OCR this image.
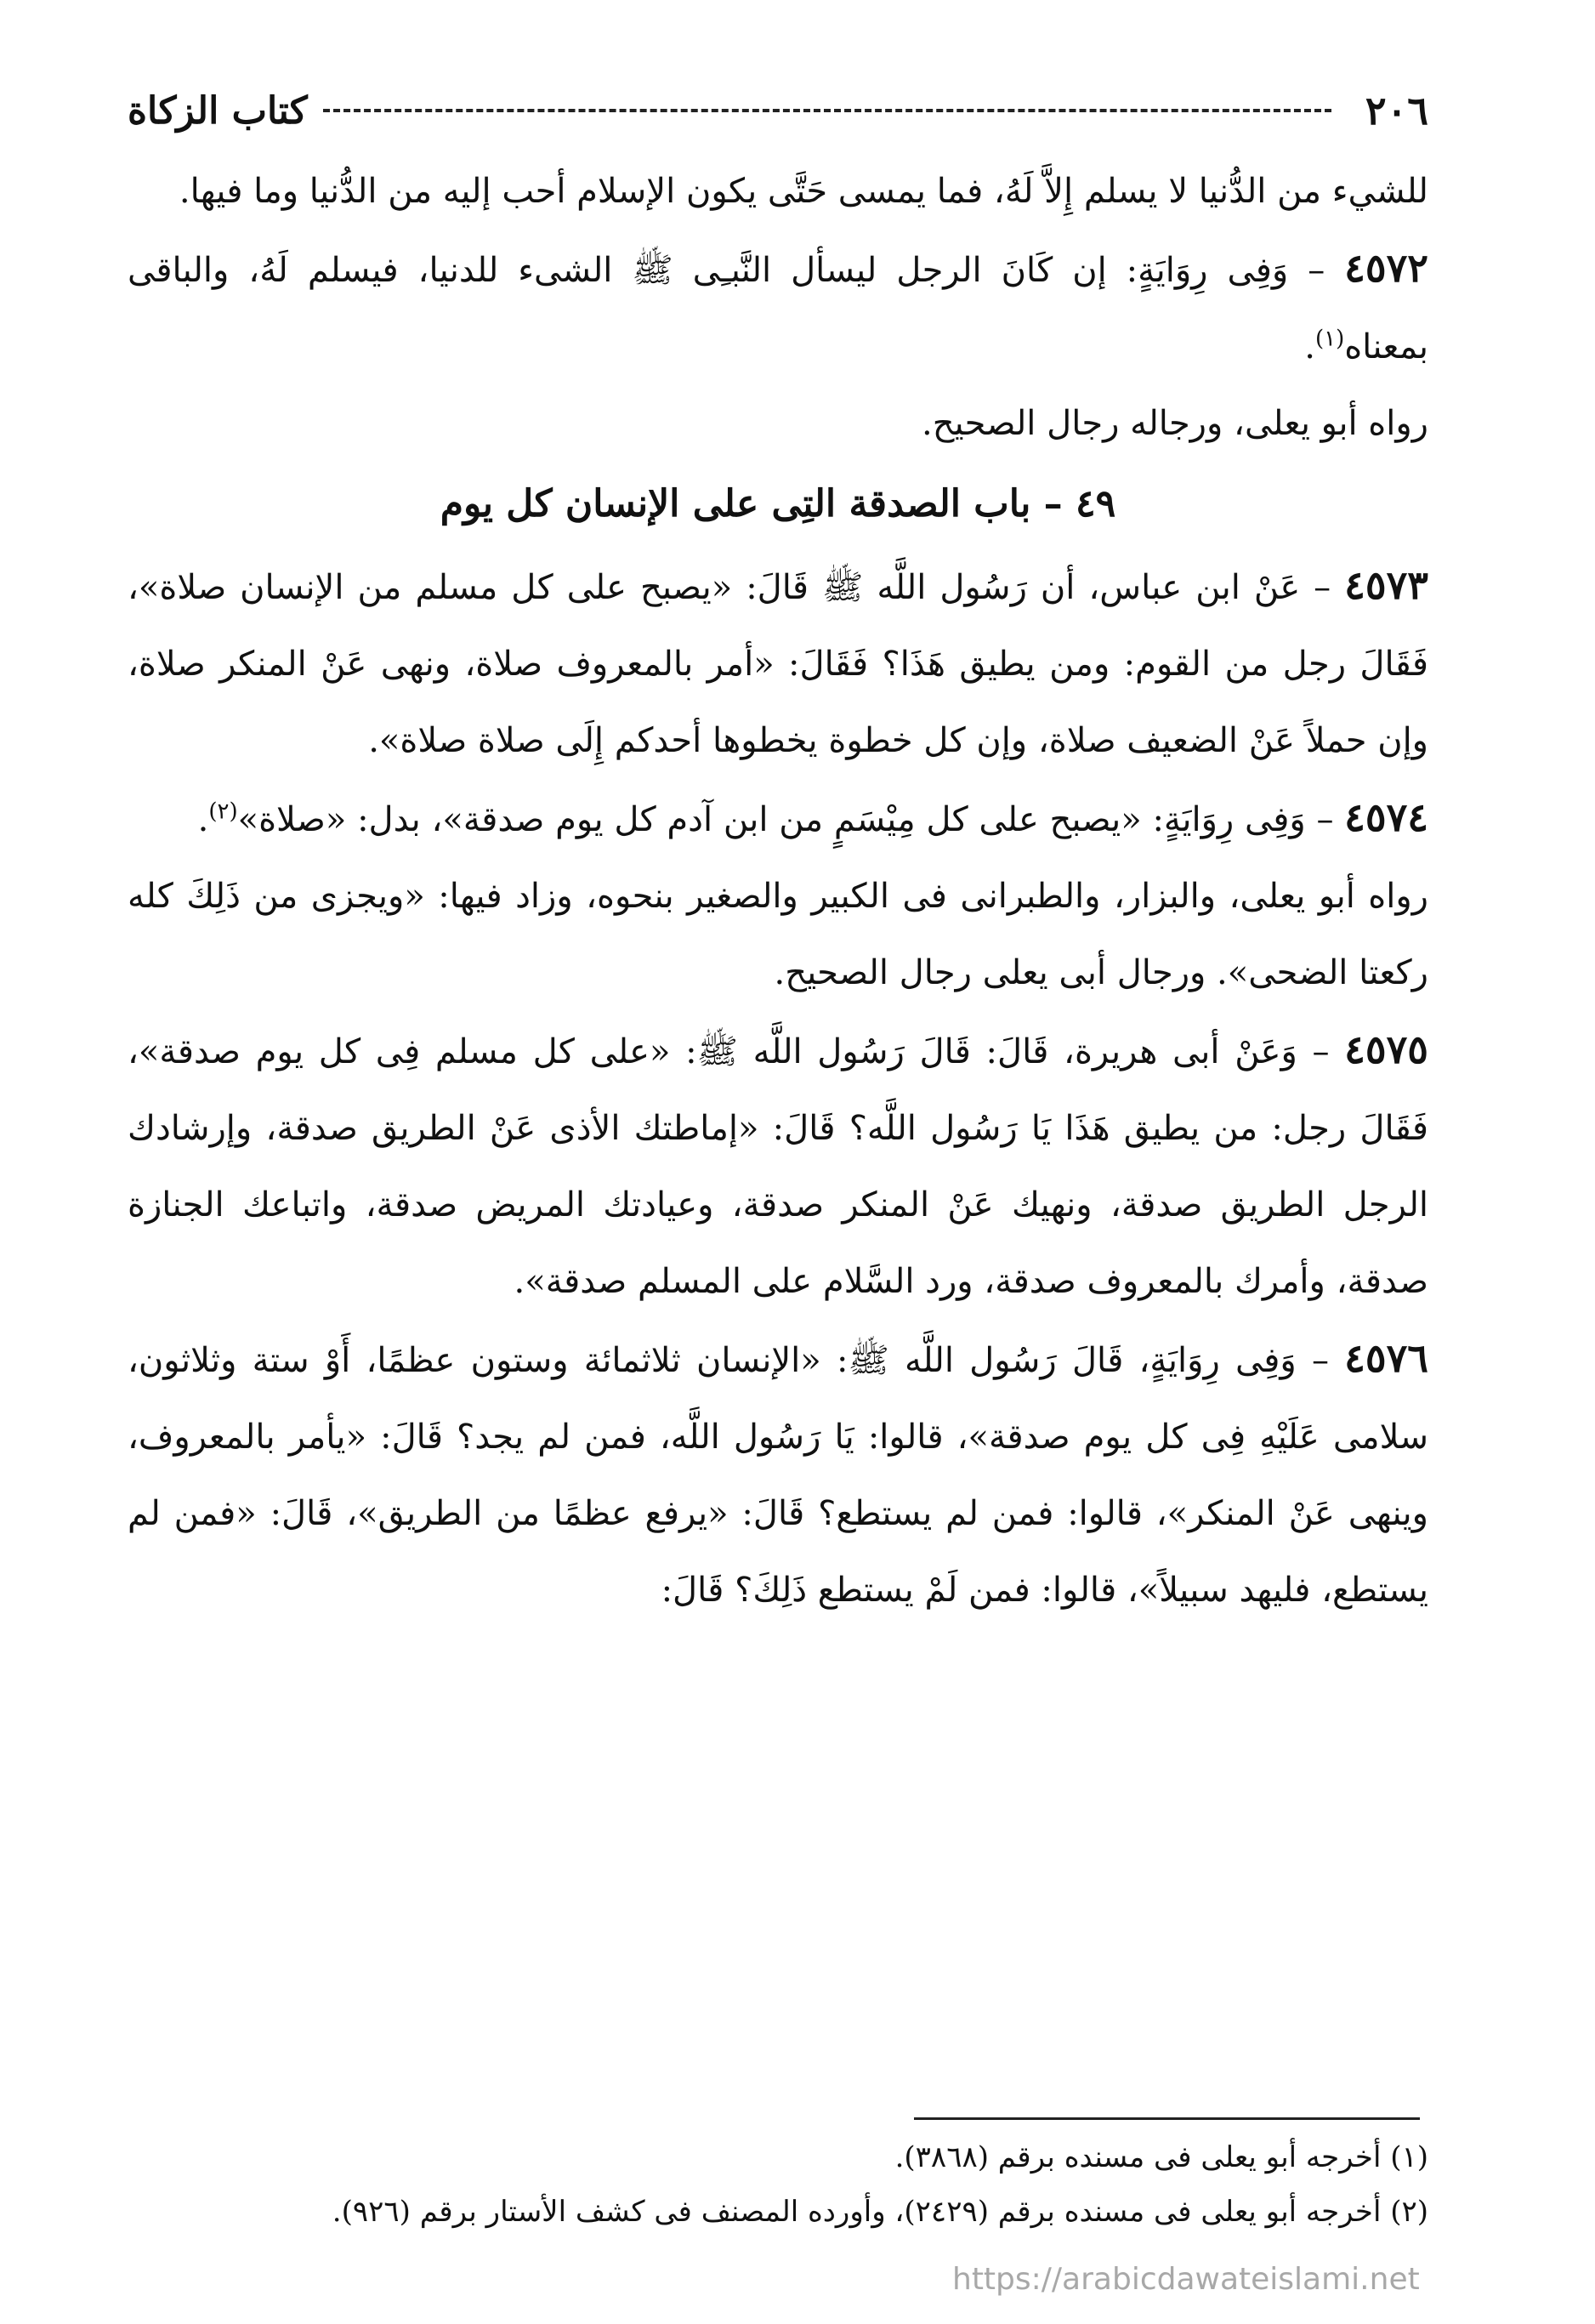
٢٠٦
كتاب الزكاة

للشيء من الدُّنيا لا يسلم إِلاَّ لَهُ، فما يمسى حَتَّى يكون الإسلام أحب إليه من الدُّنيا وما فيها.

٤٥٧٢ – وَفِى رِوَايَةٍ: إن كَانَ الرجل ليسأل النَّبـِى ﷺ الشىء للدنيا، فيسلم لَهُ، والباقى بمعناه$^{(١)}$.

رواه أبو يعلى، ورجاله رجال الصحيح.

٤٩ – باب الصدقة التِى على الإنسان كل يوم

٤٥٧٣ – عَنْ ابن عباس، أن رَسُول اللَّه ﷺ قَالَ: «يصبح على كل مسلم من الإنسان صلاة»، فَقَالَ رجل من القوم: ومن يطيق هَذَا؟ فَقَالَ: «أمر بالمعروف صلاة، ونهى عَنْ المنكر صلاة، وإن حملاً عَنْ الضعيف صلاة، وإن كل خطوة يخطوها أحدكم إِلَى صلاة صلاة».

٤٥٧٤ – وَفِى رِوَايَةٍ: «يصبح على كل مِيْسَمٍ من ابن آدم كل يوم صدقة»، بدل: «صلاة»$^{(٢)}$.

رواه أبو يعلى، والبزار، والطبرانى فى الكبير والصغير بنحوه، وزاد فيها: «ويجزى من ذَلِكَ كله ركعتا الضحى». ورجال أبى يعلى رجال الصحيح.

٤٥٧٥ – وَعَنْ أبى هريرة، قَالَ: قَالَ رَسُول اللَّه ﷺ: «على كل مسلم فِى كل يوم صدقة»، فَقَالَ رجل: من يطيق هَذَا يَا رَسُول اللَّه؟ قَالَ: «إماطتك الأذى عَنْ الطريق صدقة، وإرشادك الرجل الطريق صدقة، ونهيك عَنْ المنكر صدقة، وعيادتك المريض صدقة، واتباعك الجنازة صدقة، وأمرك بالمعروف صدقة، ورد السَّلام على المسلم صدقة».

٤٥٧٦ – وَفِى رِوَايَةٍ، قَالَ رَسُول اللَّه ﷺ: «الإنسان ثلاثمائة وستون عظمًا، أَوْ ستة وثلاثون، سلامى عَلَيْهِ فِى كل يوم صدقة»، قالوا: يَا رَسُول اللَّه، فمن لم يجد؟ قَالَ: «يأمر بالمعروف، وينهى عَنْ المنكر»، قالوا: فمن لم يستطع؟ قَالَ: «يرفع عظمًا من الطريق»، قَالَ: «فمن لم يستطع، فليهد سبيلاً»، قالوا: فمن لَمْ يستطع ذَلِكَ؟ قَالَ:

(١) أخرجه أبو يعلى فى مسنده برقم (٣٨٦٨).
(٢) أخرجه أبو يعلى فى مسنده برقم (٢٤٢٩)، وأورده المصنف فى كشف الأستار برقم (٩٢٦).
https://arabicdawateislami.net
